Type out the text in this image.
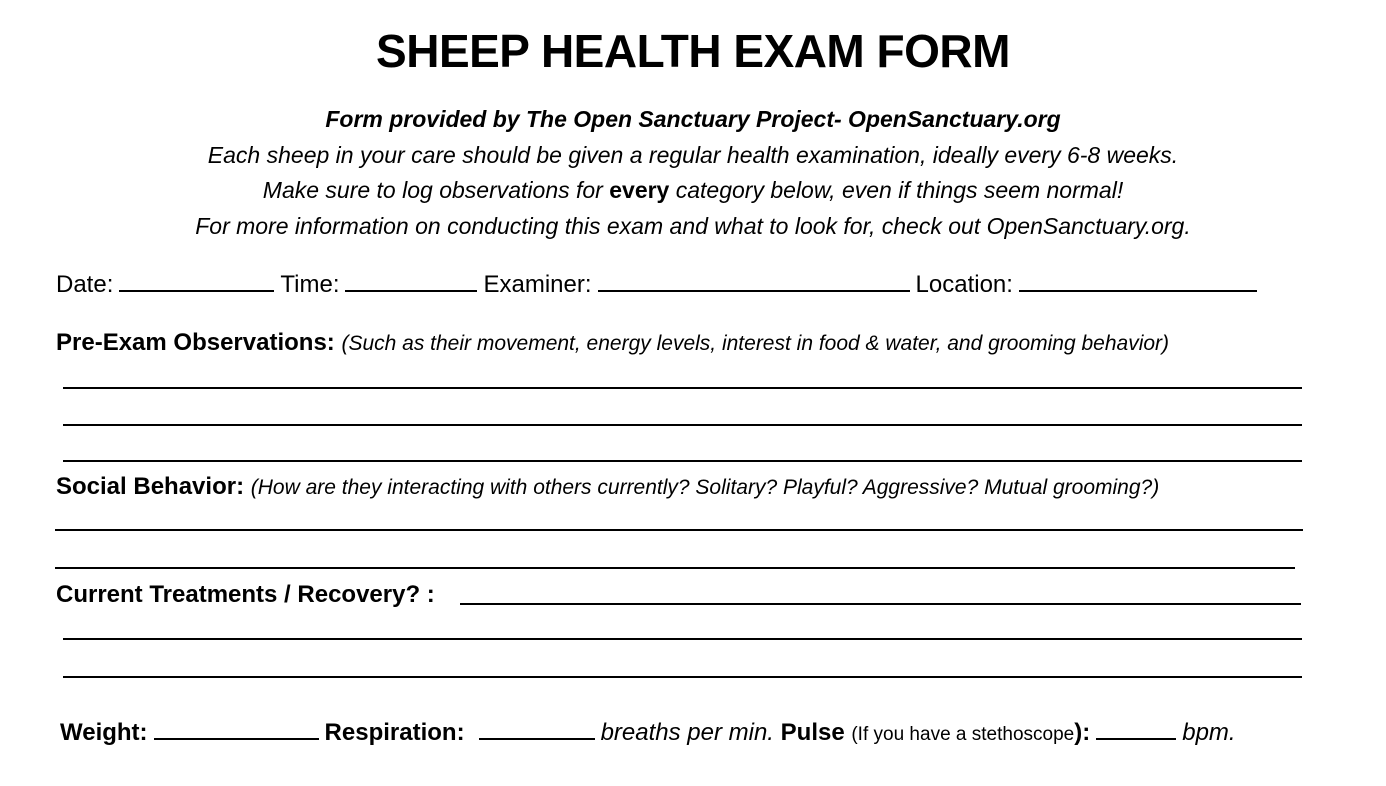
SHEEP HEALTH EXAM FORM
Form provided by The Open Sanctuary Project- OpenSanctuary.org
Each sheep in your care should be given a regular health examination, ideally every 6-8 weeks.
Make sure to log observations for every category below, even if things seem normal!
For more information on conducting this exam and what to look for, check out OpenSanctuary.org.
Date:	Time:	Examiner:	Location:
Pre-Exam Observations: (Such as their movement, energy levels, interest in food & water, and grooming behavior)
Social Behavior: (How are they interacting with others currently? Solitary? Playful? Aggressive? Mutual grooming?)
Current Treatments / Recovery? :
Weight:	Respiration:	breaths per min. Pulse (If you have a stethoscope):	bpm.
